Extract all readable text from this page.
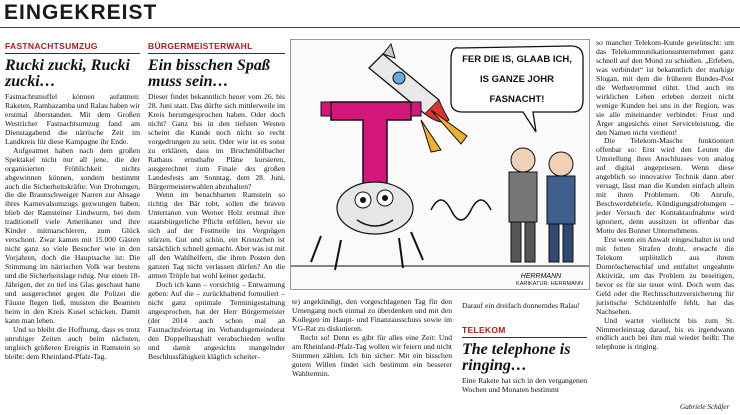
EINGEKREIST
FASTNACHTSUMZUG
Rucki zucki, Rucki zucki…

Fastnachtsmuffel können aufatmen: Raketen, Rambazamba und Ralau haben wir erstmal überstanden. Mit dem Großen Westricher Fastnachtsumzug fand am Dienstagabend die närrische Zeit im Landkreis für diese Kampagne ihr Ende.

Aufgeatmet haben nach dem großen Spektakel nicht nur all jene, die der organisierten Fröhlichkeit nichts abgewinnen können, sondern bestimmt auch die Sicherheitskräfte: Von Drohungen, die die Braunschweiger Narren zur Absage ihres Karnevalsumzugs gezwungen haben, blieb der Ramsteiner Lindwurm, bei dem traditionell viele Amerikaner und ihre Kinder mitmarschieren, zum Glück verschont. Zwar kamen mit 15.000 Gästen nicht ganz so viele Besucher wie in den Vorjahren, doch die Hauptsache ist: Die Stimmung im närrischen Volk war bestens und die Sicherheitslage ruhig. Nur einen 18-Jährigen, der zu tief ins Glas geschaut hatte und ausgerechnet gegen die Polizei die Fäuste flegen ließ, mussten die Beamten heim in den Kreis Kusel schicken. Damit kann man leben.

Und so bleibt die Hoffnung, dass es trotz unruhiger Zeiten auch beim nächsten, ungleich größeren Ereignis in Ramstein so bleibt: dem Rheinland-Pfalz-Tag.

BÜRGERMEISTERWAHL
Ein bisschen Spaß muss sein…

Dieser findet bekanntlich heuer vom 26. bis 28. Juni statt. Das dürfte sich mittlerweile im Kreis herumgesprochen haben. Oder doch nicht? Ganz bis in den tiefsten Westen scheint die Kunde noch nicht so recht vorgedrungen zu sein. Oder wie ist es sonst zu erklären, dass im Bruchmühlbacher Rathaus ernsthafte Pläne kursieren, ausgerechnet zum Finale des großen Landesfests am Sonntag, dem 28. Juni, Bürgermeisterwahlen abzuhalten?

Wenn im benachbarten Ramstein so richtig der Bär tobt, sollen die braven Untertanen von Werner Holz erstmal ihre staatsbürgerliche Pflicht erfüllen, bevor sie sich auf der Festmeile ins Vergnügen stürzen. Gut und schön, ein Kreuzchen ist tatsächlich schnell gemacht. Aber was ist mit all den Wahlhelfern, die ihren Posten den ganzen Tag nicht verlassen dürfen? An die armen Tröpfe hat wohl keiner gedacht.

Doch ich kann – vorsichtig – Entwarnung geben: Auf die – zurückhaltend formuliert – nicht ganz optimale Terminigestaltung angesprochen, hat der Herr Bürgermeister (der 2014 auch schon mal an Fastnachtsfeiertag im Verbandsgemeinderat den Doppelhaushalt verabschieden wollte und damit angesichts mangelnder Beschlussfähigkeit kläglich scheiter-

FER DIE IS, GLAAB ICH,
IS GANZE JOHR
FASNACHT!
HERRMANN
KARIKATUR: HERRMANN

te) angekündigt, den vorgeschlagenen Tag für den Urnengang noch einmal zu überdenken und mit den Kollegen im Haupt- und Finanzausschuss sowie im VG-Rat zu diskutieren.

Recht so! Denn es gibt für alles eine Zeit: Und am Rheinland-Pfalz-Tag wollen wir feiern und nicht Stimmen zählen. Ich bin sicher: Mit ein bisschen gutem Willen findet sich bestimmt ein besserer Wahltermin.

Darauf ein dreifach donnerndes Ralau!

TELEKOM
The telephone is ringing…

Eine Rakete hat sich in den vergangenen Wochen und Monaten bestimmt

so mancher Telekom-Kunde gewünscht: um das Telekommunikationsunternehmen ganz schnell auf den Mond zu schießen. „Erleben, was verbindet“ ist bekanntlich der markige Slogan, mit dem die früheren Bundes-Post die Werbetrommel rührt. Und auch im wirklichen Leben erleben derzeit nicht wenige Kunden bei uns in der Region, was sie alle miteinander verbindet: Frust und Ärger angesichts einer Serviceleistung, die den Namen nicht verdient!

Die Telekom-Masche funktioniert offenbar so: Erst wird den Leuten die Umstellung ihres Anschlusses von analog auf digital angepriesen. Wenn diese angeblich so innovative Technik dann aber versagt, lässt man die Kunden einfach allein mit ihren Problemen. Ob Anrufe, Beschwerdebriefe, Kündigungsdrohungen – jeder Versuch der Kontaktaufnahme wird ignoriert, denn aussitzen ist offenbar das Motto des Bonner Unternehmens.

Erst wenn ein Anwalt eingeschaltet ist und mit fetten Strafen droht, erwacht die Telekom urplötzlich aus ihrem Dornröschenschlaf und entfaltet ungeahnte Aktivität, um das Problem zu beseitigen, bevor es für sie teuer wird. Doch wem das Geld oder die Rechtsschutzversicherung für juristische Schützenhilfe fehlt, hat das Nachsehen.

Und wartet vielleicht bis zum St. Nimmerleinstag darauf, bis es irgendwann endlich auch bei ihm mal wieder heißt: The telephone is ringing.

Gabriele Schäfer
